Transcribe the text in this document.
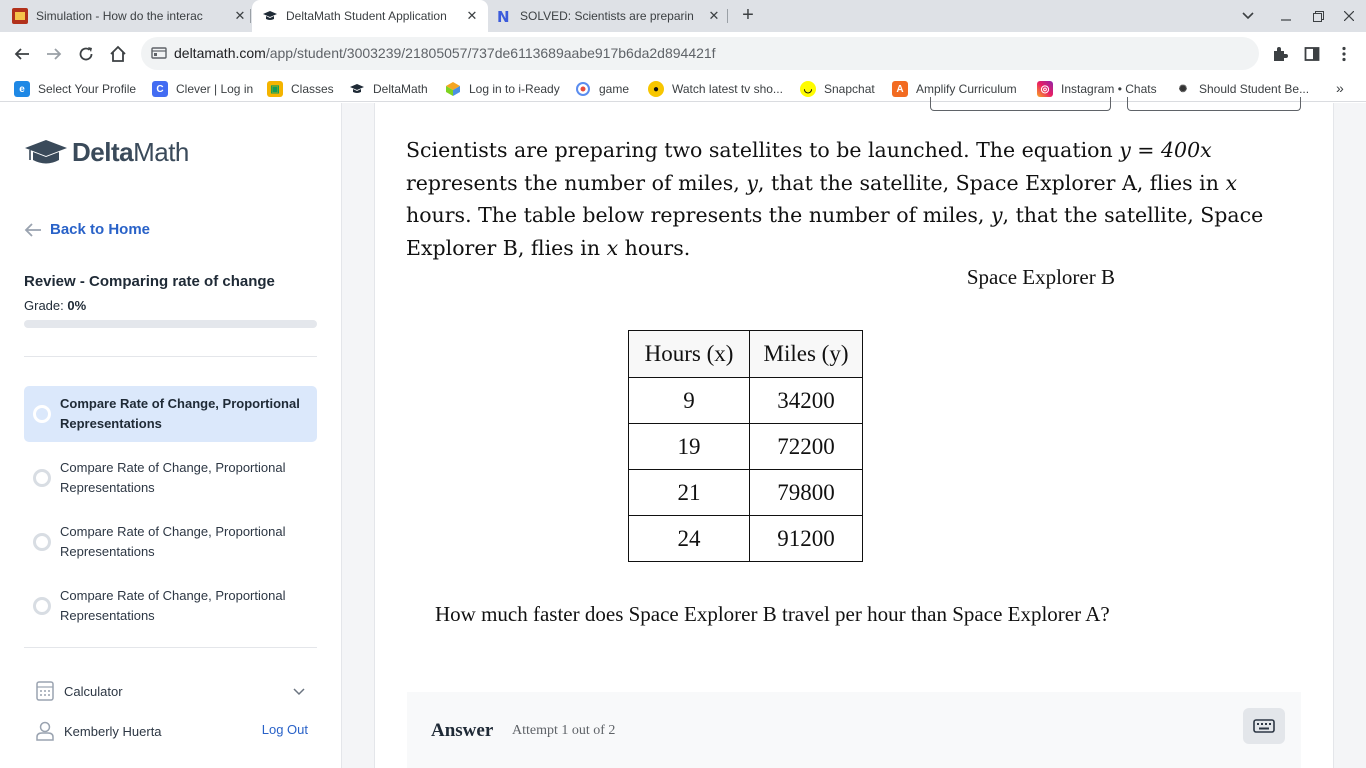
Simulation - How do the interac	✕	DeltaMath Student Application	✕ N SOLVED: Scientists are preparin	✕ +
deltamath.com/app/student/3003239/21805057/737de6113689aabe917b6da2d894421f
e	Select Your Profile	C	Clever | Log in	▣ Classes	DeltaMath	Log in to i-Ready	game	●	Watch latest tv sho...	◡ Snapchat	A	Amplify Curriculum	◎ Instagram • Chats	✺ Should Student Be... »
DeltaMath
Back to Home
Review - Comparing rate of change
Grade: 0%
Compare Rate of Change, Proportional Representations
Compare Rate of Change, Proportional Representations
Compare Rate of Change, Proportional Representations
Compare Rate of Change, Proportional Representations
Calculator
Kemberly Huerta	Log Out
Scientists are preparing two satellites to be launched. The equation y = 400x represents the number of miles, y, that the satellite, Space Explorer A, flies in x hours. The table below represents the number of miles, y, that the satellite, Space Explorer B, flies in x hours.
Space Explorer B
Hours (x)	Miles (y)
9	34200
19	72200
21	79800
24	91200
How much faster does Space Explorer B travel per hour than Space Explorer A?
Answer Attempt 1 out of 2
